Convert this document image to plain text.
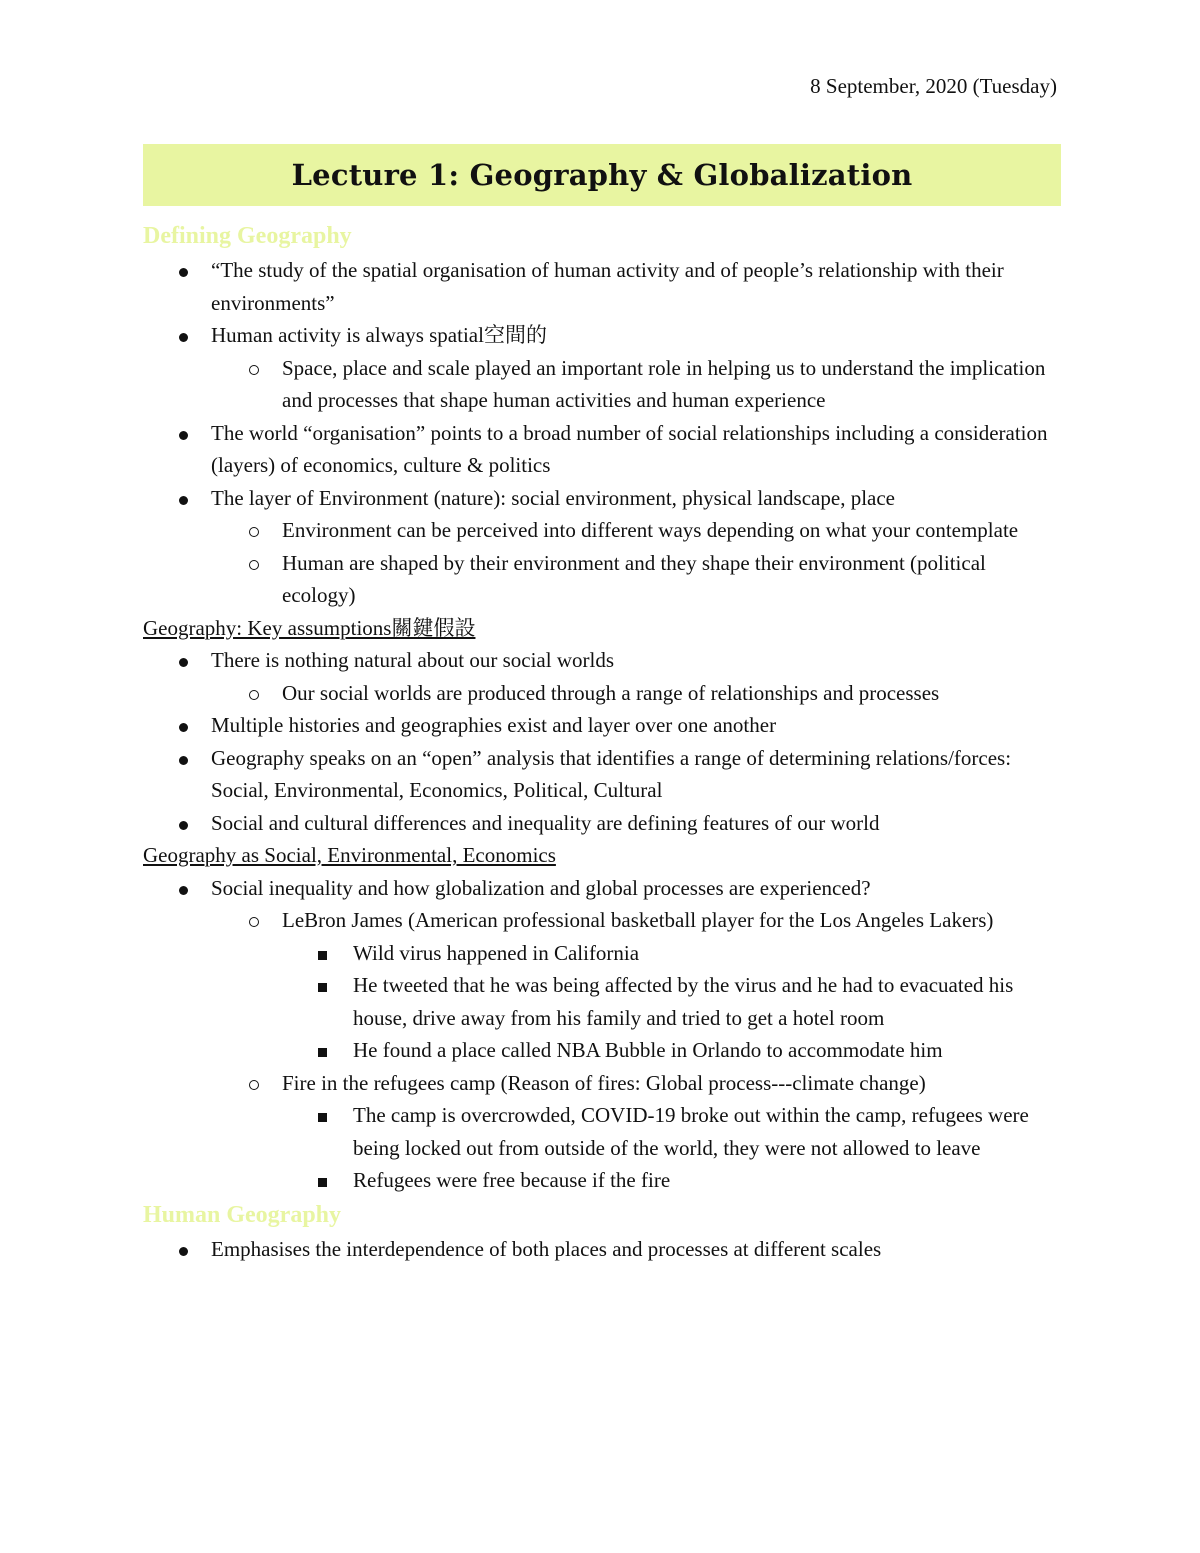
8 September, 2020 (Tuesday)
Lecture 1: Geography & Globalization
Defining Geography
“The study of the spatial organisation of human activity and of people’s relationship with their environments”
Human activity is always spatial空間的
Space, place and scale played an important role in helping us to understand the implication and processes that shape human activities and human experience
The world “organisation” points to a broad number of social relationships including a consideration (layers) of economics, culture & politics
The layer of Environment (nature): social environment, physical landscape, place
Environment can be perceived into different ways depending on what your contemplate
Human are shaped by their environment and they shape their environment (political ecology)

Geography: Key assumptions關鍵假設

There is nothing natural about our social worlds
Our social worlds are produced through a range of relationships and processes
Multiple histories and geographies exist and layer over one another
Geography speaks on an “open” analysis that identifies a range of determining relations/forces: Social, Environmental, Economics, Political, Cultural
Social and cultural differences and inequality are defining features of our world

Geography as Social, Environmental, Economics

Social inequality and how globalization and global processes are experienced?
LeBron James (American professional basketball player for the Los Angeles Lakers)
Wild virus happened in California
He tweeted that he was being affected by the virus and he had to evacuated his house, drive away from his family and tried to get a hotel room
He found a place called NBA Bubble in Orlando to accommodate him
Fire in the refugees camp (Reason of fires: Global process---climate change)
The camp is overcrowded, COVID-19 broke out within the camp, refugees were being locked out from outside of the world, they were not allowed to leave
Refugees were free because if the fire
Human Geography
Emphasises the interdependence of both places and processes at different scales
